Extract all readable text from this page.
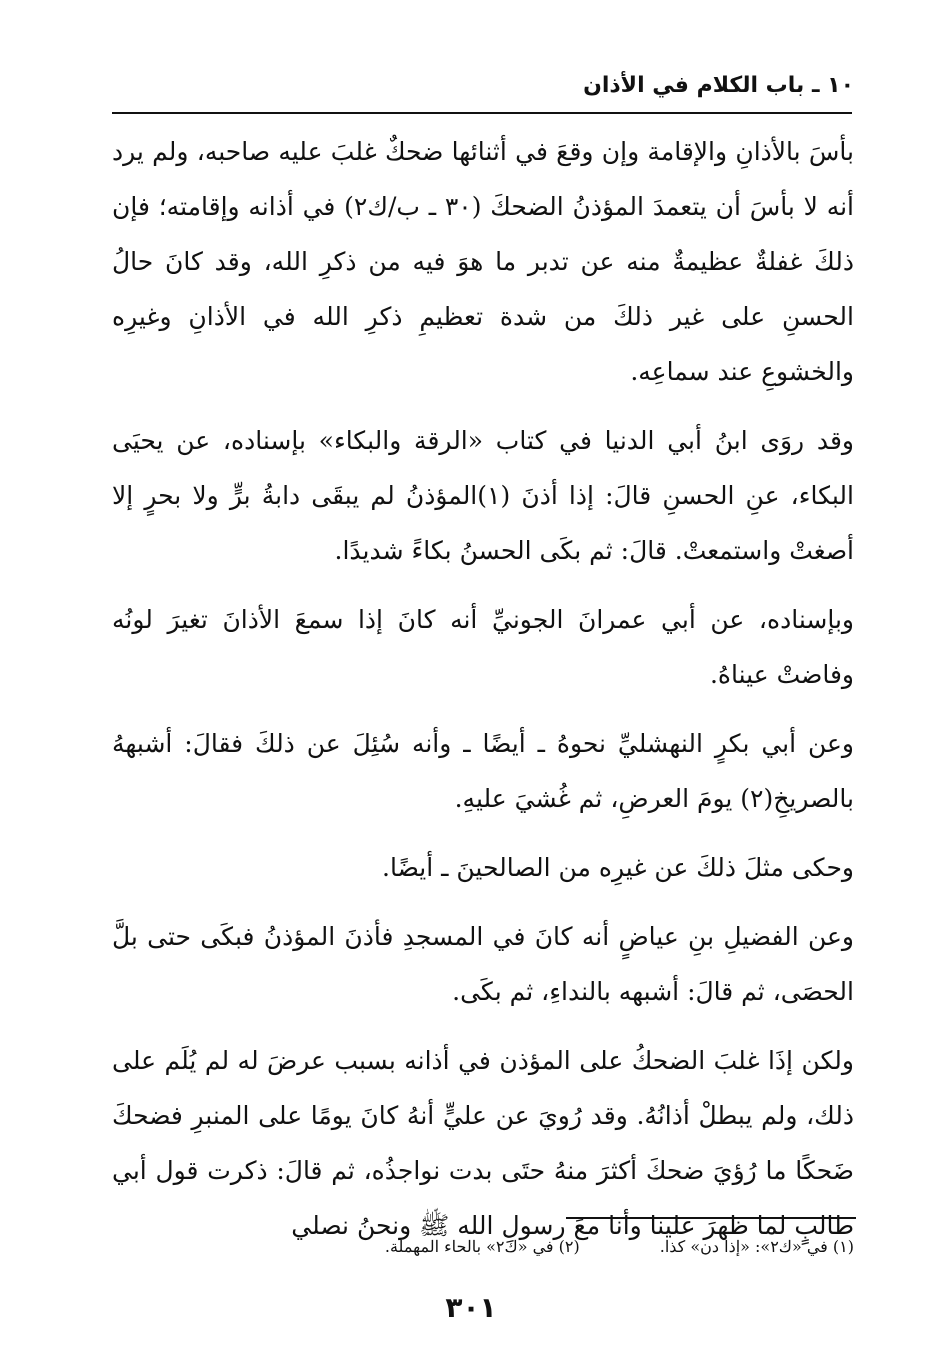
١٠ ـ باب الكلام في الأذان

بأسَ بالأذانِ والإقامة وإن وقعَ في أثنائها ضحكٌ غلبَ عليه صاحبه، ولم يرد أنه لا بأسَ أن يتعمدَ المؤذنُ الضحكَ (٣٠ ـ ب/ك٢) في أذانه وإقامته؛ فإن ذلكَ غفلةٌ عظيمةٌ منه عن تدبر ما هوَ فيه من ذكرِ الله، وقد كانَ حالُ الحسنِ على غير ذلكَ من شدة تعظيمِ ذكرِ الله في الأذانِ وغيرِه والخشوعِ عند سماعِه.

وقد روَى ابنُ أبي الدنيا في كتاب «الرقة والبكاء» بإسناده، عن يحيَى البكاء، عنِ الحسنِ قالَ: إذا أذنَ (١)المؤذنُ لم يبقَى دابةُ برٍّ ولا بحرٍ إلا أصغتْ واستمعتْ. قالَ: ثم بكَى الحسنُ بكاءً شديدًا.

وبإسناده، عن أبي عمرانَ الجونيِّ أنه كانَ إذا سمعَ الأذانَ تغيرَ لونُه وفاضتْ عيناهُ.

وعن أبي بكرٍ النهشليِّ نحوهُ ـ أيضًا ـ وأنه سُئِلَ عن ذلكَ فقالَ: أشبههُ بالصريخِ(٢) يومَ العرضِ، ثم غُشيَ عليهِ.

وحكى مثلَ ذلكَ عن غيرِه من الصالحينَ ـ أيضًا.

وعن الفضيلِ بنِ عياضٍ أنه كانَ في المسجدِ فأذنَ المؤذنُ فبكَى حتى بلَّ الحصَى، ثم قالَ: أشبهه بالنداءِ، ثم بكَى.

ولكن إذَا غلبَ الضحكُ على المؤذن في أذانه بسبب عرضَ له لم يُلَم على ذلك، ولم يبطلْ أذانُهُ. وقد رُويَ عن عليٍّ أنهُ كانَ يومًا على المنبرِ فضحكَ ضَحكًا ما رُؤيَ ضحكَ أكثرَ منهُ حتَى بدت نواجذُه، ثم قالَ: ذكرت قول أبي طالبٍ لما ظهرَ علينا وأنا معَ رسولِ الله ﷺ ونحنُ نصلي

(١) في «ك٢»: «إذا دن» كذا.
(٢) في «ك٢» بالحاء المهملة.
٣٠١
